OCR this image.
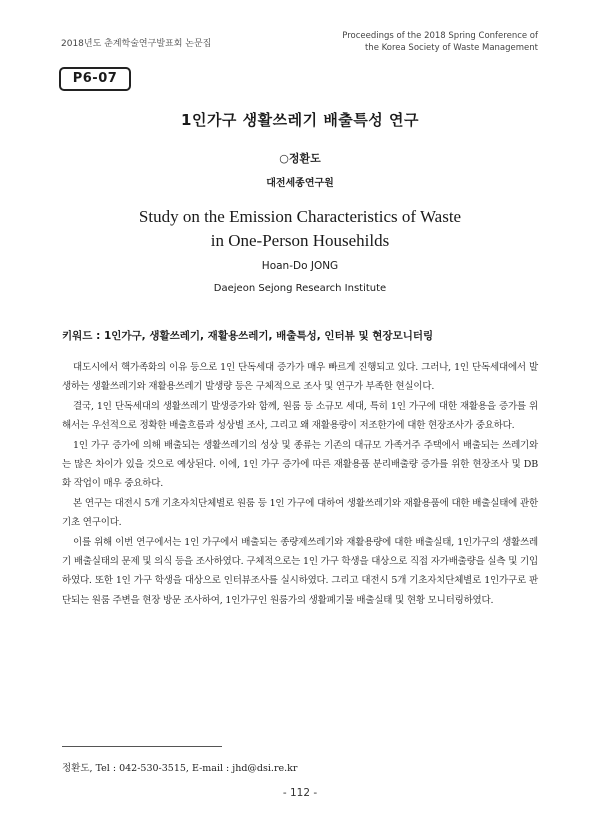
2018년도 춘계학술연구발표회 논문집
Proceedings of the 2018 Spring Conference of
the Korea Society of Waste Management
P6-07
1인가구 생활쓰레기 배출특성 연구
○정환도
대전세종연구원
Study on the Emission Characteristics of Waste
in One-Person Househilds
Hoan-Do JONG
Daejeon Sejong Research Institute
키워드 : 1인가구, 생활쓰레기, 재활용쓰레기, 배출특성, 인터뷰 및 현장모니터링

대도시에서 핵가족화의 이유 등으로 1인 단독세대 증가가 매우 빠르게 진행되고 있다. 그러나, 1인 단독세대에서 발생하는 생활쓰레기와 재활용쓰레기 발생량 등은 구체적으로 조사 및 연구가 부족한 현실이다.

결국, 1인 단독세대의 생활쓰레기 발생증가와 함께, 원룸 등 소규모 세대, 특히 1인 가구에 대한 재활용을 증가를 위해서는 우선적으로 정확한 배출흐름과 성상별 조사, 그리고 왜 재활용량이 저조한가에 대한 현장조사가 중요하다.

1인 가구 증가에 의해 배출되는 생활쓰레기의 성상 및 종류는 기존의 대규모 가족거주 주택에서 배출되는 쓰레기와는 많은 차이가 있을 것으로 예상된다. 이에, 1인 가구 증가에 따른 재활용품 분리배출량 증가를 위한 현장조사 및 DB화 작업이 매우 중요하다.

본 연구는 대전시 5개 기초자치단체별로 원룸 등 1인 가구에 대하여 생활쓰레기와 재활용품에 대한 배출실태에 관한 기초 연구이다.

이를 위해 이번 연구에서는 1인 가구에서 배출되는 종량제쓰레기와 재활용량에 대한 배출실태, 1인가구의 생활쓰레기 배출실태의 문제 및 의식 등을 조사하였다. 구체적으로는 1인 가구 학생을 대상으로 직접 자가배출량을 실측 및 기입하였다. 또한 1인 가구 학생을 대상으로 인터뷰조사를 실시하였다. 그리고 대전시 5개 기초자치단체별로 1인가구로 판단되는 원룸 주변을 현장 방문 조사하여, 1인가구인 원룸가의 생활폐기물 배출실태 및 현황 모니터링하였다.

정환도, Tel : 042-530-3515, E-mail : jhd@dsi.re.kr
- 112 -
